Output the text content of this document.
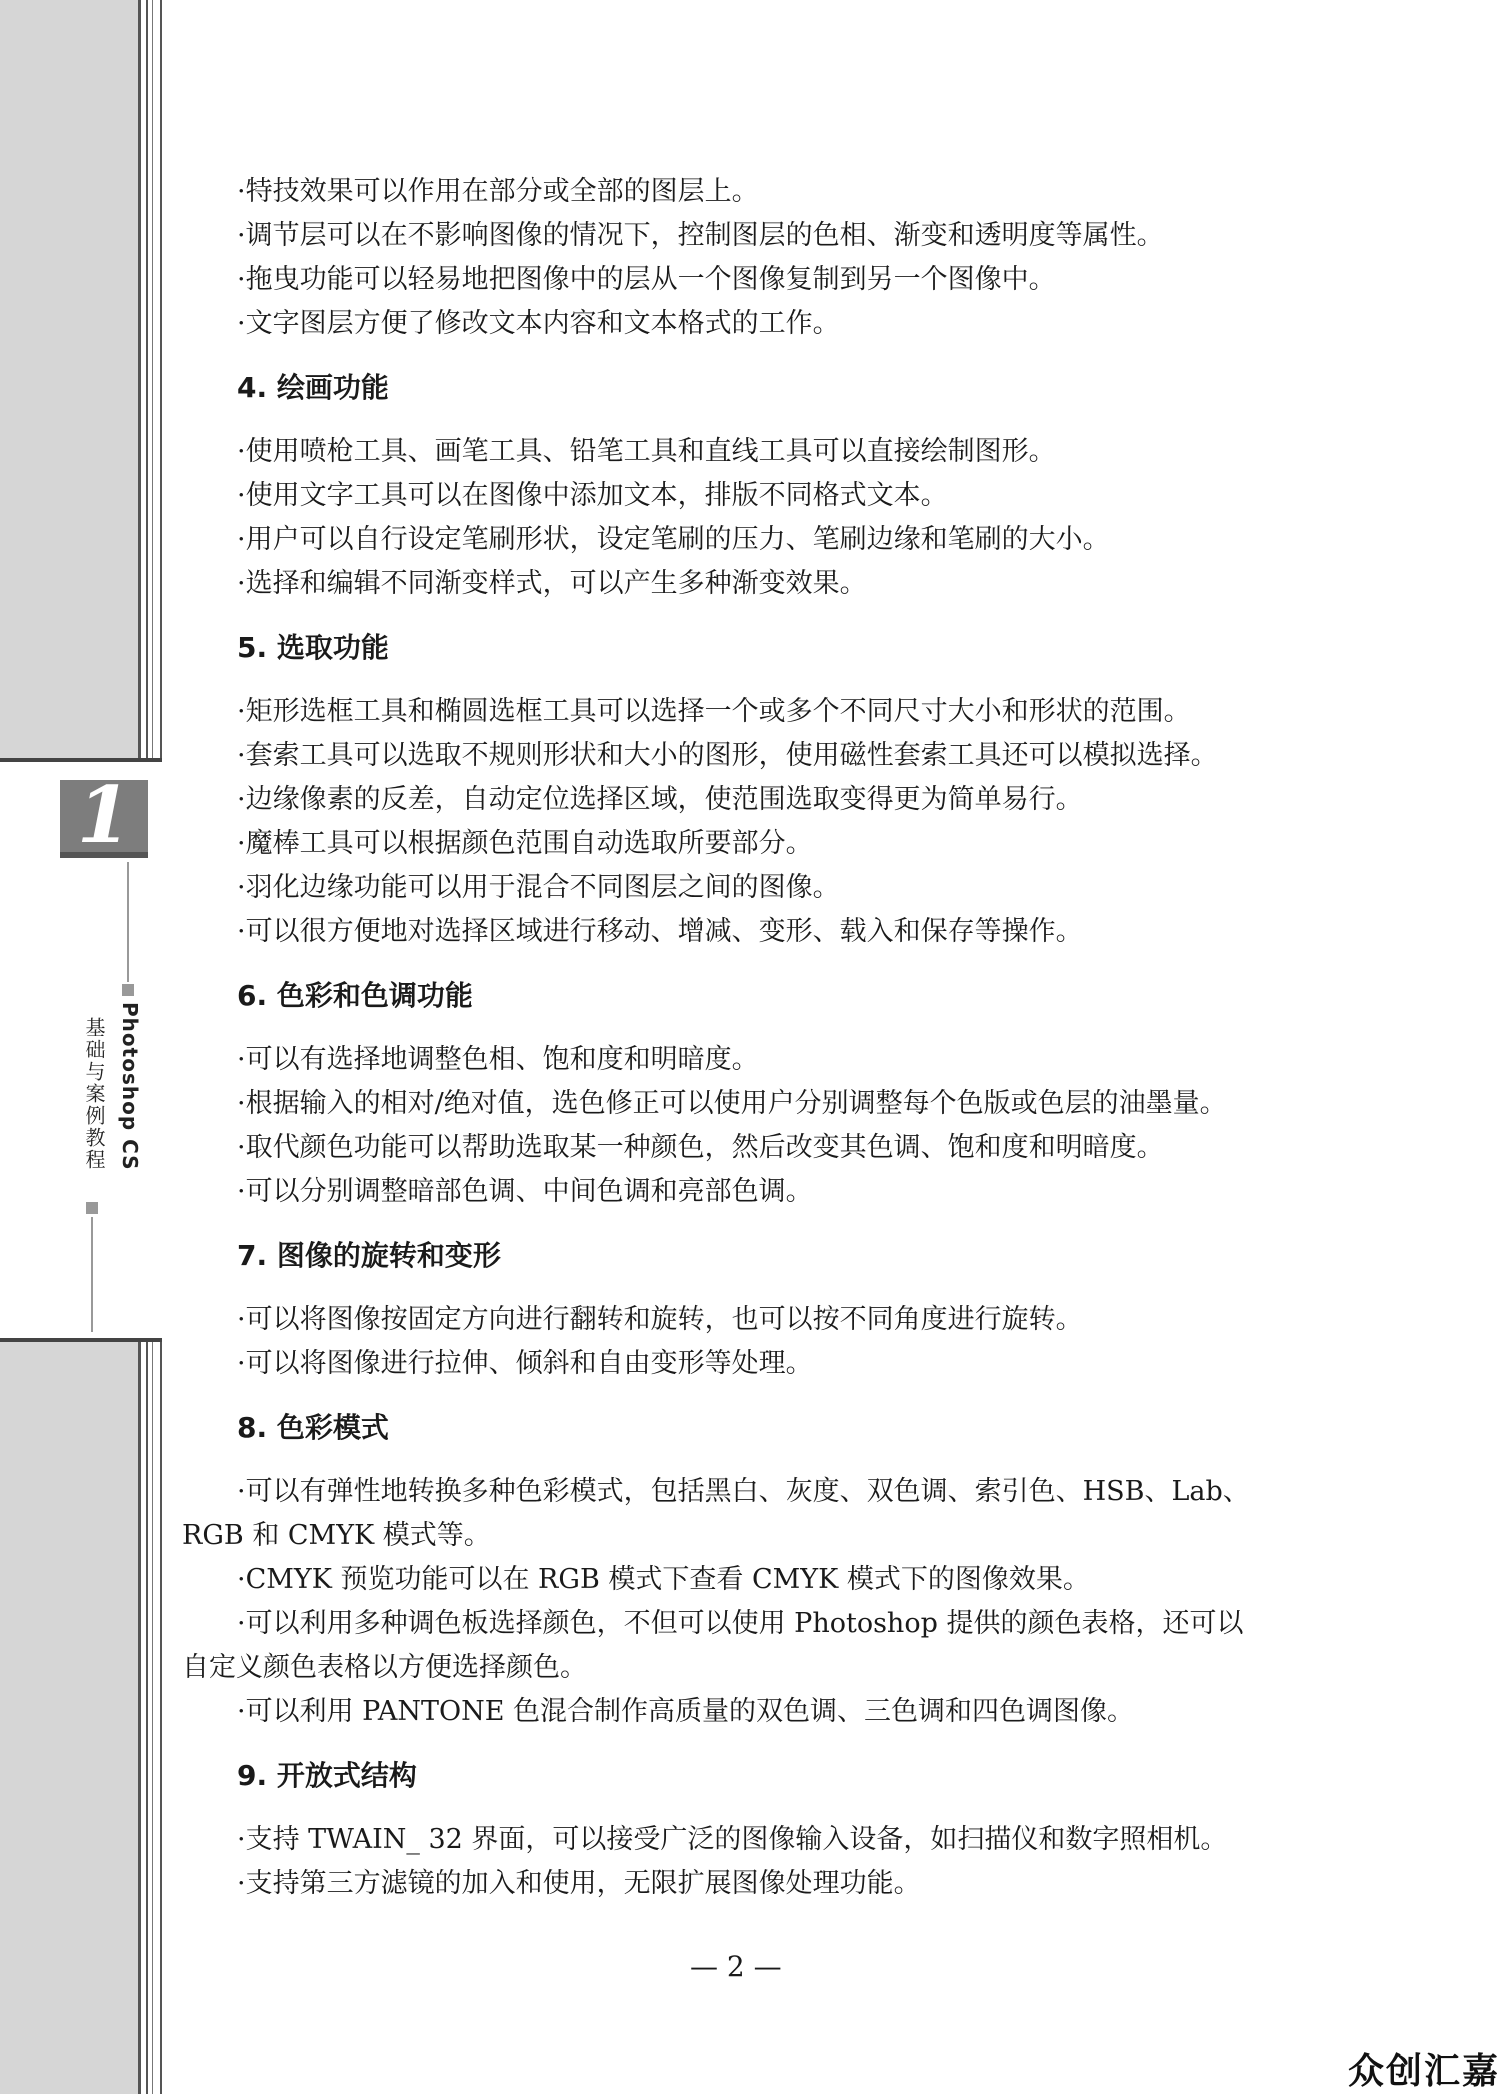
1
Photoshop CS
基础与案例教程

·特技效果可以作用在部分或全部的图层上。

·调节层可以在不影响图像的情况下，控制图层的色相、渐变和透明度等属性。

·拖曳功能可以轻易地把图像中的层从一个图像复制到另一个图像中。

·文字图层方便了修改文本内容和文本格式的工作。

4. 绘画功能

·使用喷枪工具、画笔工具、铅笔工具和直线工具可以直接绘制图形。

·使用文字工具可以在图像中添加文本，排版不同格式文本。

·用户可以自行设定笔刷形状，设定笔刷的压力、笔刷边缘和笔刷的大小。

·选择和编辑不同渐变样式，可以产生多种渐变效果。

5. 选取功能

·矩形选框工具和椭圆选框工具可以选择一个或多个不同尺寸大小和形状的范围。

·套索工具可以选取不规则形状和大小的图形，使用磁性套索工具还可以模拟选择。

·边缘像素的反差，自动定位选择区域，使范围选取变得更为简单易行。

·魔棒工具可以根据颜色范围自动选取所要部分。

·羽化边缘功能可以用于混合不同图层之间的图像。

·可以很方便地对选择区域进行移动、增减、变形、载入和保存等操作。

6. 色彩和色调功能

·可以有选择地调整色相、饱和度和明暗度。

·根据输入的相对/绝对值，选色修正可以使用户分别调整每个色版或色层的油墨量。

·取代颜色功能可以帮助选取某一种颜色，然后改变其色调、饱和度和明暗度。

·可以分别调整暗部色调、中间色调和亮部色调。

7. 图像的旋转和变形

·可以将图像按固定方向进行翻转和旋转，也可以按不同角度进行旋转。

·可以将图像进行拉伸、倾斜和自由变形等处理。

8. 色彩模式

·可以有弹性地转换多种色彩模式，包括黑白、灰度、双色调、索引色、HSB、Lab、

RGB 和 CMYK 模式等。

·CMYK 预览功能可以在 RGB 模式下查看 CMYK 模式下的图像效果。

·可以利用多种调色板选择颜色，不但可以使用 Photoshop 提供的颜色表格，还可以

自定义颜色表格以方便选择颜色。

·可以利用 PANTONE 色混合制作高质量的双色调、三色调和四色调图像。

9. 开放式结构

·支持 TWAIN_ 32 界面，可以接受广泛的图像输入设备，如扫描仪和数字照相机。

·支持第三方滤镜的加入和使用，无限扩展图像处理功能。

— 2 —
众创汇嘉
